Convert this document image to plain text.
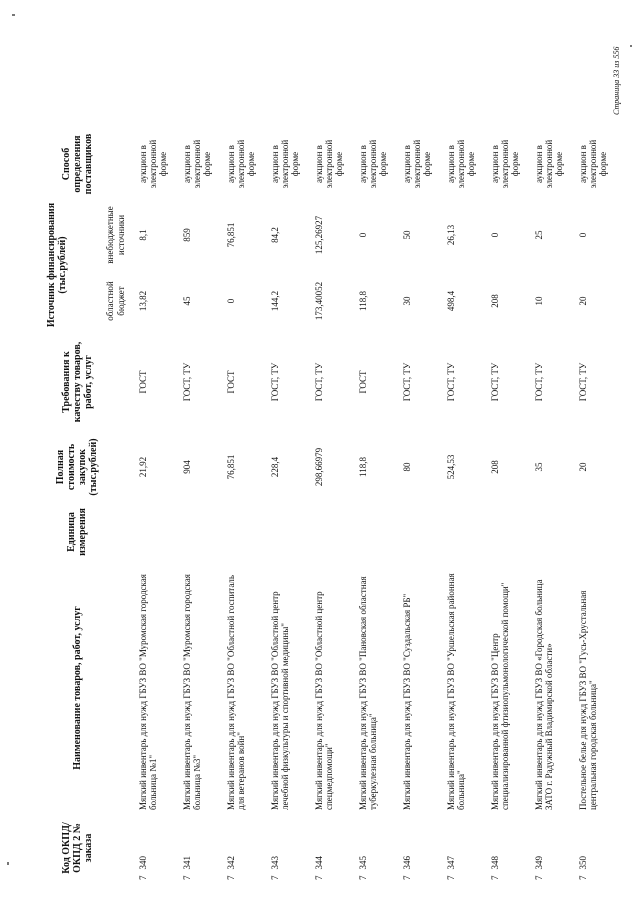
Код ОКПД/ ОКПД 2 № заказа	Наименование товаров, работ, услуг	Единица измерения	Полная стоимость закупок (тыс.рублей)	Требования к качеству товаров, работ, услуг	Источник финансирования (тыс.рублей)		Способ определения поставщиков
					областной бюджет	внебюджетные источники	
7340	Мягкий инвентарь для нужд ГБУЗ ВО "Муромская городская больница №1"		21,92	ГОСТ	13,82	8,1	аукцион в электронной форме
7341	Мягкий инвентарь для нужд ГБУЗ ВО "Муромская городская больница №3"		904	ГОСТ, ТУ	45	859	аукцион в электронной форме
7342	Мягкий инвентарь для нужд ГБУЗ ВО "Областной госпиталь для ветеранов войн"		76,851	ГОСТ	0	76,851	аукцион в электронной форме
7343	Мягкий инвентарь для нужд ГБУЗ ВО "Областной центр лечебной физкультуры и спортивной медицины"		228,4	ГОСТ, ТУ	144,2	84,2	аукцион в электронной форме
7344	Мягкий инвентарь для нужд ГБУЗ ВО "Областной центр спецмедпомощи"		298,66979	ГОСТ, ТУ	173,40052	125,26927	аукцион в электронной форме
7345	Мягкий инвентарь для нужд ГБУЗ ВО "Пановская областная туберкулезная больница"		118,8	ГОСТ	118,8	0	аукцион в электронной форме
7346	Мягкий инвентарь для нужд ГБУЗ ВО "Суздальская РБ"		80	ГОСТ, ТУ	30	50	аукцион в электронной форме
7347	Мягкий инвентарь для нужд ГБУЗ ВО "Уршельская районная больница"		524,53	ГОСТ, ТУ	498,4	26,13	аукцион в электронной форме
7348	Мягкий инвентарь для нужд ГБУЗ ВО "Центр специализированной фтизиопульмонологической помощи"		208	ГОСТ, ТУ	208	0	аукцион в электронной форме
7349	Мягкий инвентарь для нужд ГБУЗ ВО «Городская больница ЗАТО г. Радужный Владимирской области»		35	ГОСТ, ТУ	10	25	аукцион в электронной форме
7350	Постельное белье для нужд ГБУЗ ВО "Гусь-Хрустальная центральная городская больница"		20	ГОСТ, ТУ	20	0	аукцион в электронной форме
Страница 33 из 556
